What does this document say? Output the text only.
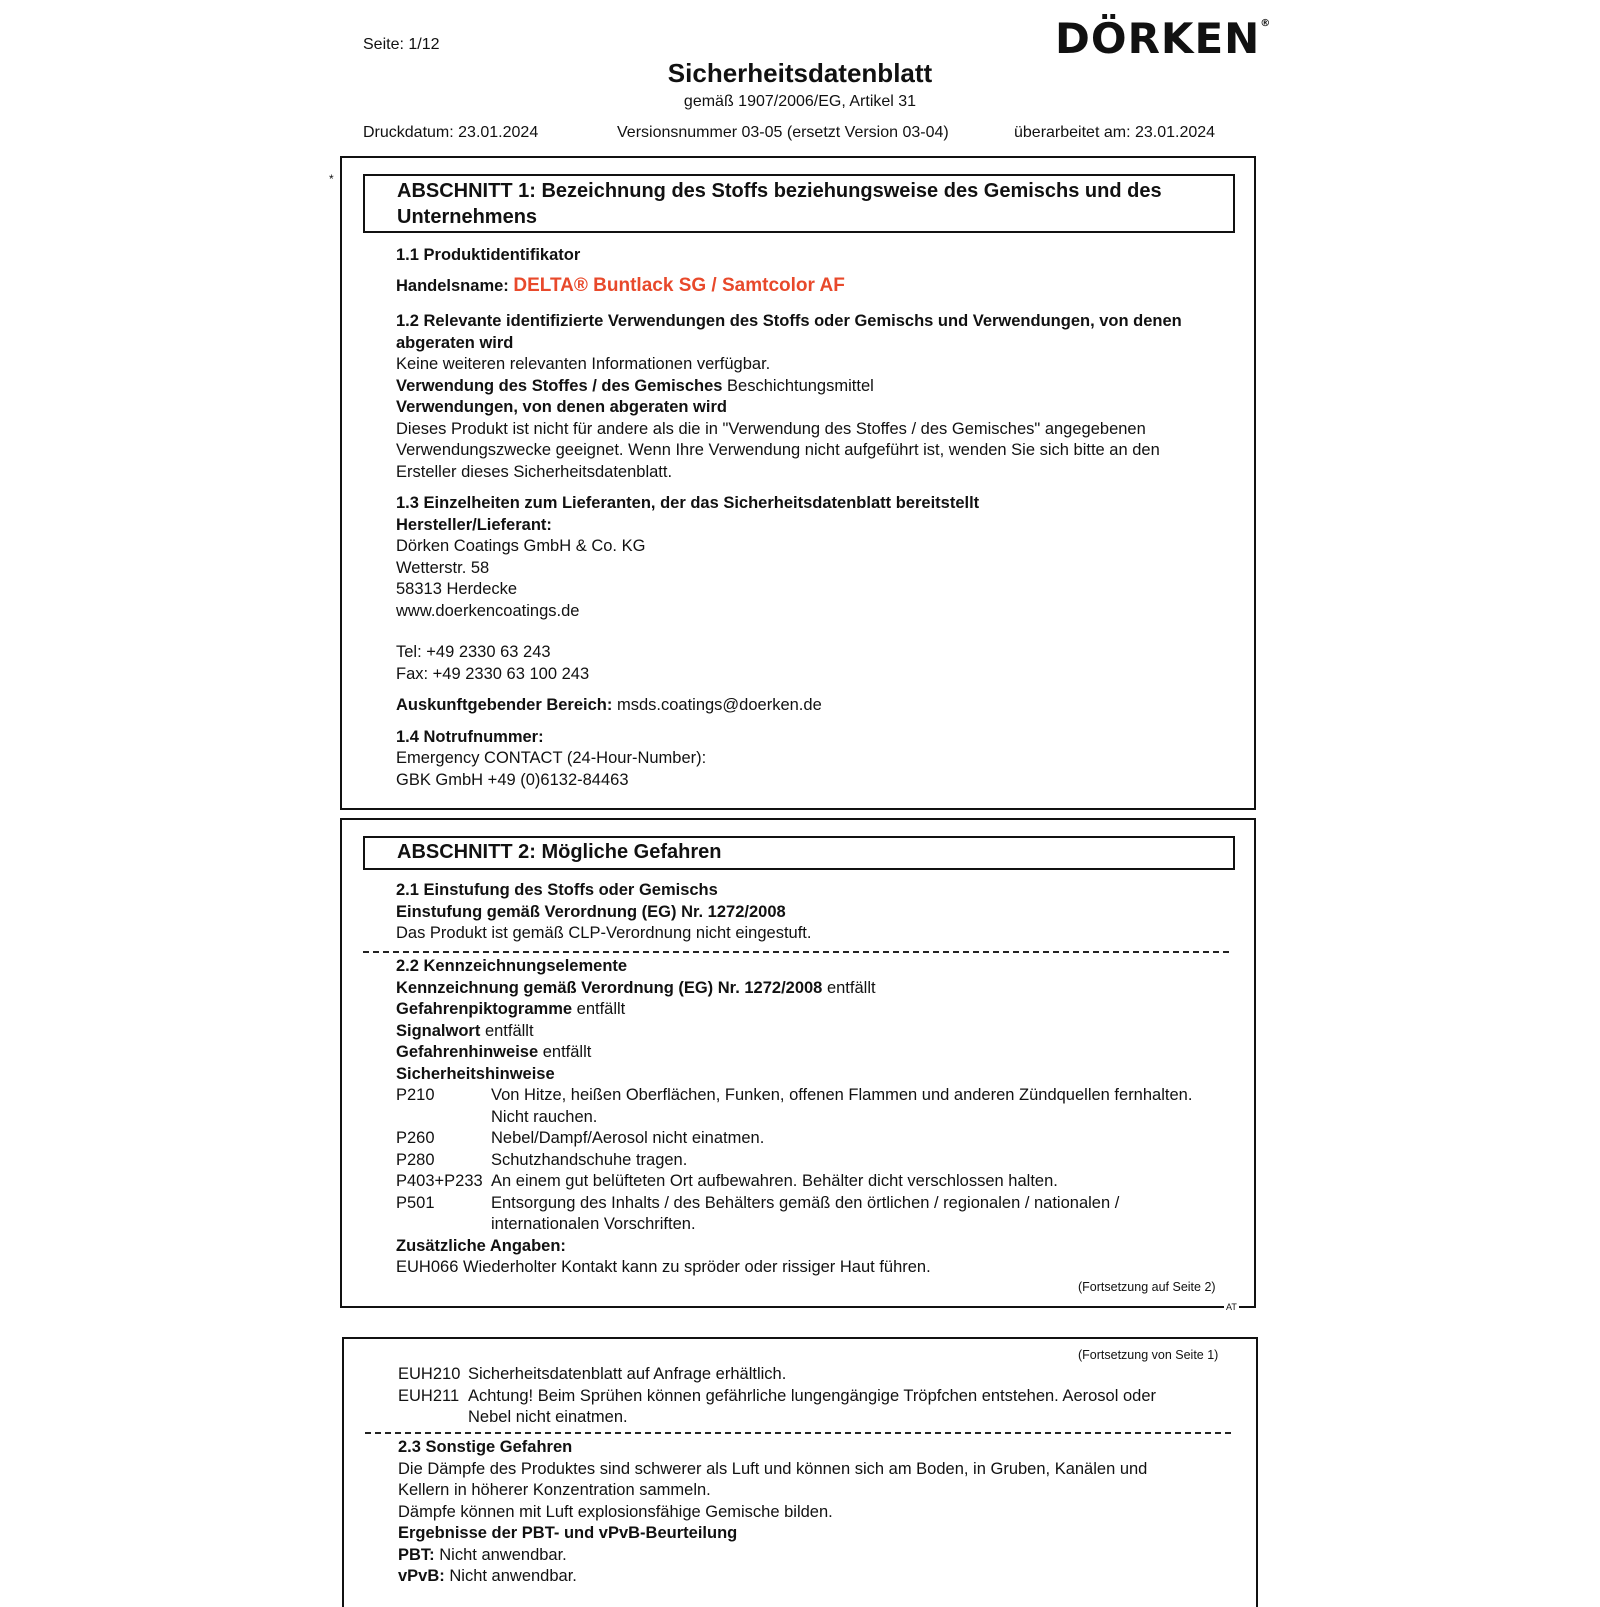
Seite: 1/12	DÖRKEN®
Sicherheitsdatenblatt
gemäß 1907/2006/EG, Artikel 31
Druckdatum: 23.01.2024	Versionsnummer 03-05 (ersetzt Version 03-04)	überarbeitet am: 23.01.2024
*
ABSCHNITT 1: Bezeichnung des Stoffs beziehungsweise des Gemischs und des
Unternehmens

1.1 Produktidentifikator

Handelsname: DELTA® Buntlack SG / Samtcolor AF

1.2 Relevante identifizierte Verwendungen des Stoffs oder Gemischs und Verwendungen, von denen

abgeraten wird

Keine weiteren relevanten Informationen verfügbar.

Verwendung des Stoffes / des Gemisches Beschichtungsmittel

Verwendungen, von denen abgeraten wird

Dieses Produkt ist nicht für andere als die in "Verwendung des Stoffes / des Gemisches" angegebenen

Verwendungszwecke geeignet. Wenn Ihre Verwendung nicht aufgeführt ist, wenden Sie sich bitte an den

Ersteller dieses Sicherheitsdatenblatt.

1.3 Einzelheiten zum Lieferanten, der das Sicherheitsdatenblatt bereitstellt

Hersteller/Lieferant:

Dörken Coatings GmbH & Co. KG

Wetterstr. 58

58313 Herdecke

www.doerkencoatings.de

Tel: +49 2330 63 243

Fax: +49 2330 63 100 243

Auskunftgebender Bereich: msds.coatings@doerken.de

1.4 Notrufnummer:

Emergency CONTACT (24-Hour-Number):

GBK GmbH +49 (0)6132-84463

ABSCHNITT 2: Mögliche Gefahren

2.1 Einstufung des Stoffs oder Gemischs

Einstufung gemäß Verordnung (EG) Nr. 1272/2008

Das Produkt ist gemäß CLP-Verordnung nicht eingestuft.

2.2 Kennzeichnungselemente

Kennzeichnung gemäß Verordnung (EG) Nr. 1272/2008 entfällt

Gefahrenpiktogramme entfällt

Signalwort entfällt

Gefahrenhinweise entfällt

Sicherheitshinweise

P210	Von Hitze, heißen Oberflächen, Funken, offenen Flammen und anderen Zündquellen fernhalten.
Nicht rauchen.
P260	Nebel/Dampf/Aerosol nicht einatmen.
P280	Schutzhandschuhe tragen.
P403+P233 An einem gut belüfteten Ort aufbewahren. Behälter dicht verschlossen halten.
P501	Entsorgung des Inhalts / des Behälters gemäß den örtlichen / regionalen / nationalen /
internationalen Vorschriften.

Zusätzliche Angaben:

EUH066 Wiederholter Kontakt kann zu spröder oder rissiger Haut führen.

(Fortsetzung auf Seite 2)
AT
(Fortsetzung von Seite 1)
EUH210 Sicherheitsdatenblatt auf Anfrage erhältlich.
EUH211 Achtung! Beim Sprühen können gefährliche lungengängige Tröpfchen entstehen. Aerosol oder
Nebel nicht einatmen.

2.3 Sonstige Gefahren

Die Dämpfe des Produktes sind schwerer als Luft und können sich am Boden, in Gruben, Kanälen und

Kellern in höherer Konzentration sammeln.

Dämpfe können mit Luft explosionsfähige Gemische bilden.

Ergebnisse der PBT- und vPvB-Beurteilung

PBT: Nicht anwendbar.

vPvB: Nicht anwendbar.
